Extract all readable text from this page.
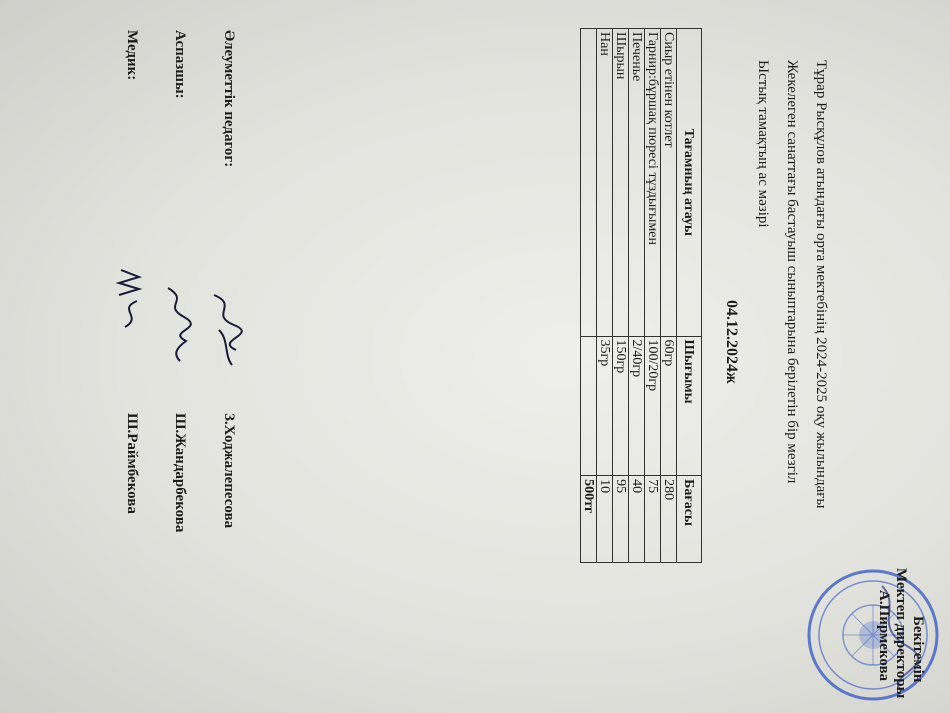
Бекітемін
Мектеп директоры
А.Пирмекова
Тұрар Рысқұлов атындағы орта мектебінің 2024-2025 оқу жылындағы
Жекелеген санаттағы бастауыш сыныптарына берілетін бір мезгіл
Ыстық тамақтың ас мәзірі
04.12.2024ж
Тағамның атауы	Шығымы	Бағасы
Сиыр етінен котлет	60гр	280
Гарнир:бұршақ пюресі тұздығымен	100/20гр	75
Печенье	2/40гр	40
Шырын	150гр	95
Нан	35гр	10
		500тг
Әлеуметтік педагог:
З.Ходжалепесова
Аспазшы:
Ш.Жандарбекова
Медик:
Ш.Раймбекова
